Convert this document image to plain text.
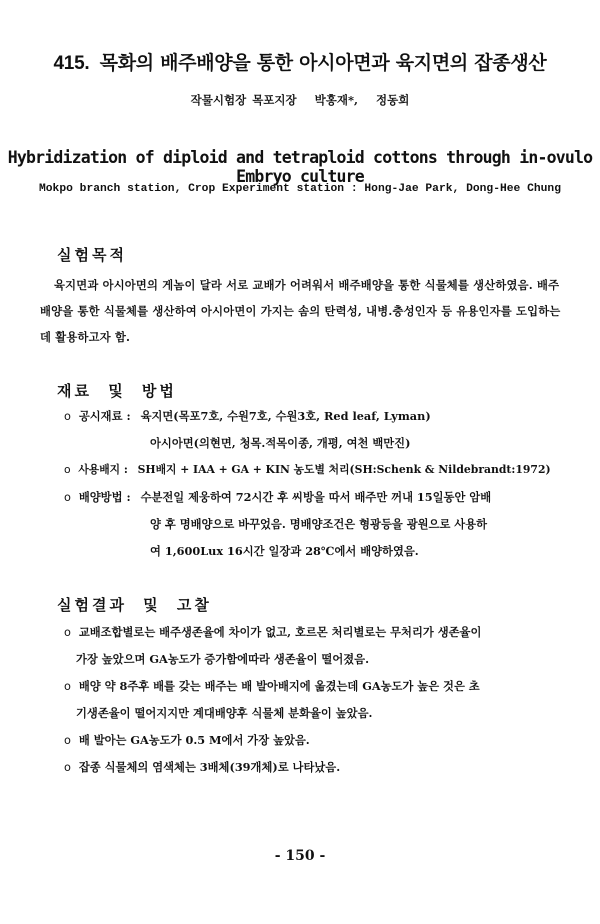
415. 목화의 배주배양을 통한 아시아면과 육지면의 잡종생산
작물시험장 목포지장 박홍재*, 정동희
Hybridization of diploid and tetraploid cottons through in-ovulo Embryo culture
Mokpo branch station, Crop Experiment station : Hong-Jae Park, Dong-Hee Chung
실험목적
육지면과 아시아면의 게놈이 달라 서로 교배가 어려워서 배주배양을 통한 식물체를 생산하였음. 배주배양을 통한 식물체를 생산하여 아시아면이 가지는 솜의 탄력성, 내병.충성인자 등 유용인자를 도입하는데 활용하고자 함.
재료 및 방법
o 공시재료 : 육지면(목포7호, 수원7호, 수원3호, Red leaf, Lyman)
아시아면(의현면, 청목.적목이종, 개평, 여천 백만진)
o 사용배지 : SH배지 + IAA + GA + KIN 농도별 처리(SH:Schenk & Nildebrandt:1972)
o 배양방법 : 수분전일 제웅하여 72시간 후 씨방을 따서 배주만 꺼내 15일동안 암배
양 후 명배양으로 바꾸었음. 명배양조건은 형광등을 광원으로 사용하
여 1,600Lux 16시간 일장과 28℃에서 배양하였음.
실험결과 및 고찰
o 교배조합별로는 배주생존율에 차이가 없고, 호르몬 처리별로는 무처리가 생존율이
가장 높았으며 GA농도가 증가함에따라 생존율이 떨어졌음.
o 배양 약 8주후 배를 갖는 배주는 배 발아배지에 옮겼는데 GA농도가 높은 것은 초
기생존율이 떨어지지만 계대배양후 식물체 분화율이 높았음.
o 배 발아는 GA농도가 0.5 M에서 가장 높았음.
o 잡종 식물체의 염색체는 3배체(39개체)로 나타났음.
- 150 -
